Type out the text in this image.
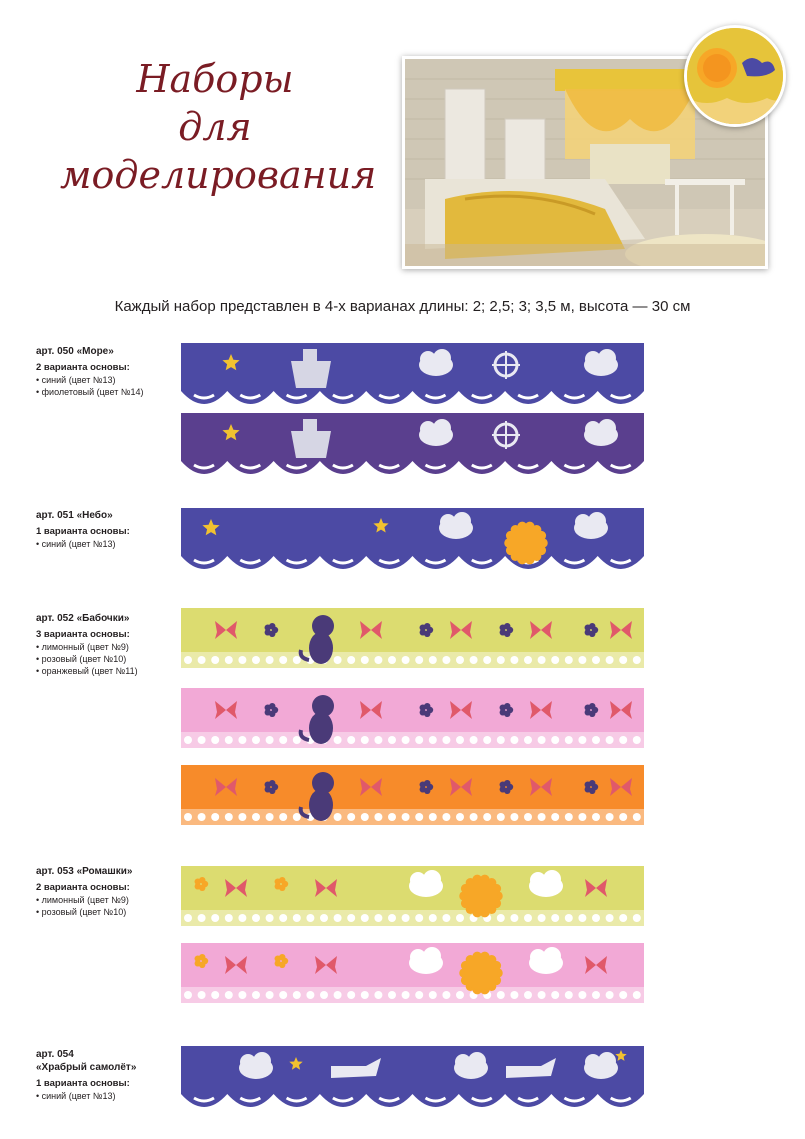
Наборы
для
моделирования
Каждый набор представлен в 4-х варианах длины: 2; 2,5; 3; 3,5 м, высота — 30 см
арт. 050 «Море»
2 варианта основы:
• синий (цвет №13)
• фиолетовый (цвет №14)
арт. 051 «Небо»
1 варианта основы:
• синий (цвет №13)
арт. 052 «Бабочки»
3 варианта основы:
• лимонный (цвет №9)
• розовый (цвет №10)
• оранжевый (цвет №11)
арт. 053 «Ромашки»
2 варианта основы:
• лимонный (цвет №9)
• розовый (цвет №10)
арт. 054
«Храбрый самолёт»
1 варианта основы:
• синий (цвет №13)
